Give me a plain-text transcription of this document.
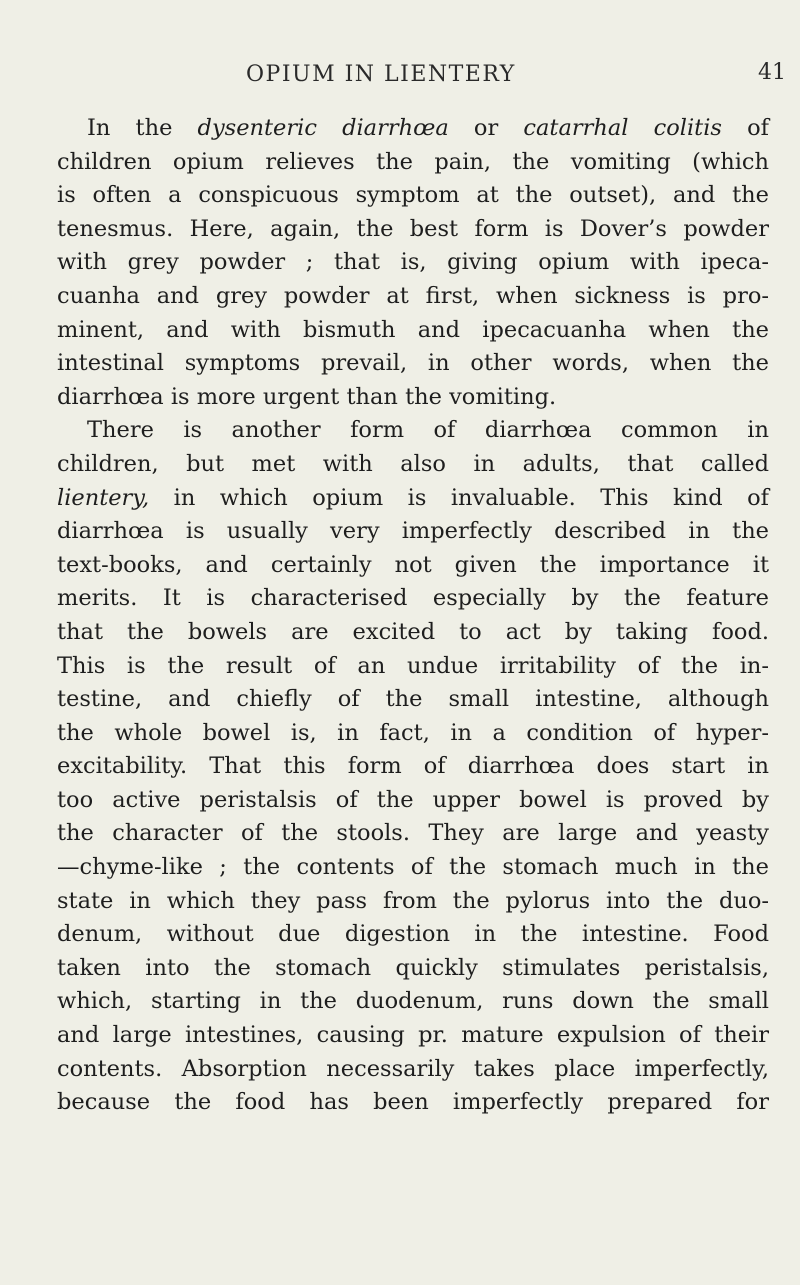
OPIUM IN LIENTERY	41
In the dysenteric diarrhœa or catarrhal colitis of
children opium relieves the pain, the vomiting (which
is often a conspicuous symptom at the outset), and the
tenesmus. Here, again, the best form is Dover’s powder
with grey powder ; that is, giving opium with ipeca-
cuanha and grey powder at first, when sickness is pro-
minent, and with bismuth and ipecacuanha when the
intestinal symptoms prevail, in other words, when the
diarrhœa is more urgent than the vomiting.
There is another form of diarrhœa common in
children, but met with also in adults, that called
lientery, in which opium is invaluable. This kind of
diarrhœa is usually very imperfectly described in the
text-books, and certainly not given the importance it
merits. It is characterised especially by the feature
that the bowels are excited to act by taking food.
This is the result of an undue irritability of the in-
testine, and chiefly of the small intestine, although
the whole bowel is, in fact, in a condition of hyper-
excitability. That this form of diarrhœa does start in
too active peristalsis of the upper bowel is proved by
the character of the stools. They are large and yeasty
—chyme-like ; the contents of the stomach much in the
state in which they pass from the pylorus into the duo-
denum, without due digestion in the intestine. Food
taken into the stomach quickly stimulates peristalsis,
which, starting in the duodenum, runs down the small
and large intestines, causing pr. mature expulsion of their
contents. Absorption necessarily takes place imperfectly,
because the food has been imperfectly prepared for
